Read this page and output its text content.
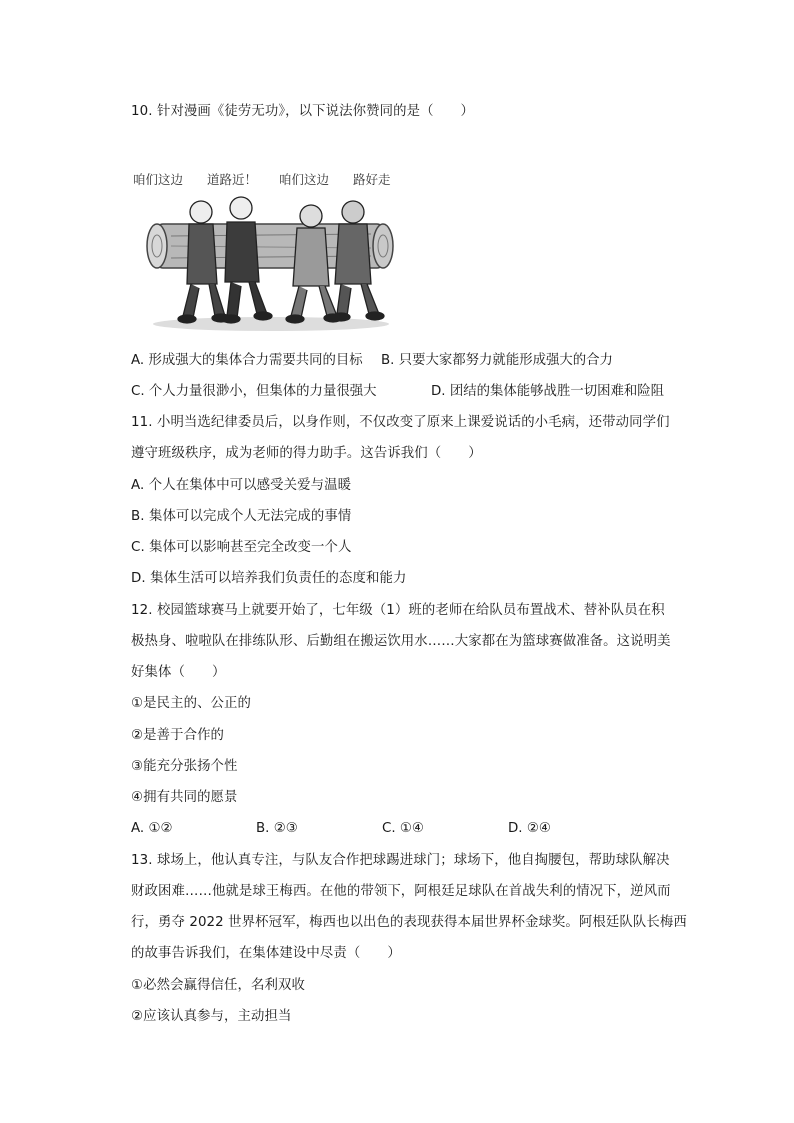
10. 针对漫画《徒劳无功》，以下说法你赞同的是（　　）
咱们这边 道路近！ 咱们这边 路好走
A. 形成强大的集体合力需要共同的目标 B. 只要大家都努力就能形成强大的合力
C. 个人力量很渺小，但集体的力量很强大	D. 团结的集体能够战胜一切困难和险阻
11. 小明当选纪律委员后，以身作则，不仅改变了原来上课爱说话的小毛病，还带动同学们
遵守班级秩序，成为老师的得力助手。这告诉我们（　　）
A. 个人在集体中可以感受关爱与温暖
B. 集体可以完成个人无法完成的事情
C. 集体可以影响甚至完全改变一个人
D. 集体生活可以培养我们负责任的态度和能力
12. 校园篮球赛马上就要开始了，七年级（1）班的老师在给队员布置战术、替补队员在积
极热身、啦啦队在排练队形、后勤组在搬运饮用水……大家都在为篮球赛做准备。这说明美
好集体（　　）
①是民主的、公正的
②是善于合作的
③能充分张扬个性
④拥有共同的愿景
A. ①②	B. ②③	C. ①④	D. ②④
13. 球场上，他认真专注，与队友合作把球踢进球门；球场下，他自掏腰包，帮助球队解决
财政困难……他就是球王梅西。在他的带领下，阿根廷足球队在首战失利的情况下，逆风而
行，勇夺 2022 世界杯冠军，梅西也以出色的表现获得本届世界杯金球奖。阿根廷队队长梅西
的故事告诉我们，在集体建设中尽责（　　）
①必然会赢得信任，名利双收
②应该认真参与，主动担当
